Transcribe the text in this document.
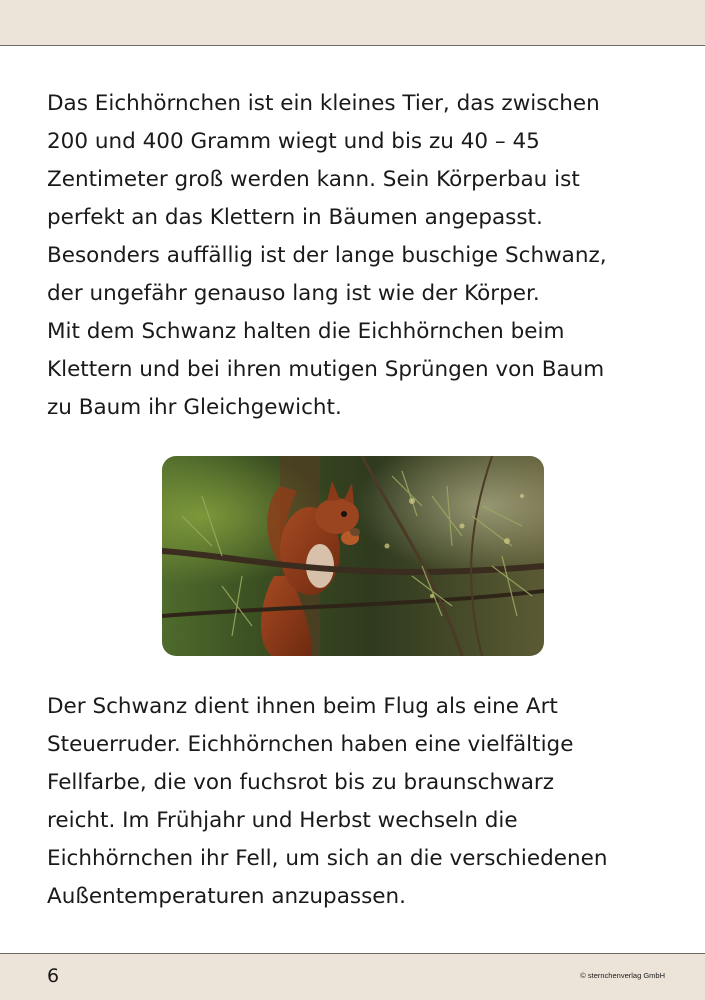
Das Eichhörnchen ist ein kleines Tier, das zwischen
200 und 400 Gramm wiegt und bis zu 40 – 45
Zentimeter groß werden kann. Sein Körperbau ist
perfekt an das Klettern in Bäumen angepasst.
Besonders auffällig ist der lange buschige Schwanz,
der ungefähr genauso lang ist wie der Körper.
Mit dem Schwanz halten die Eichhörnchen beim
Klettern und bei ihren mutigen Sprüngen von Baum
zu Baum ihr Gleichgewicht.
Der Schwanz dient ihnen beim Flug als eine Art
Steuerruder. Eichhörnchen haben eine vielfältige
Fellfarbe, die von fuchsrot bis zu braunschwarz
reicht. Im Frühjahr und Herbst wechseln die
Eichhörnchen ihr Fell, um sich an die verschiedenen
Außentemperaturen anzupassen.
6	© sternchenverlag GmbH
